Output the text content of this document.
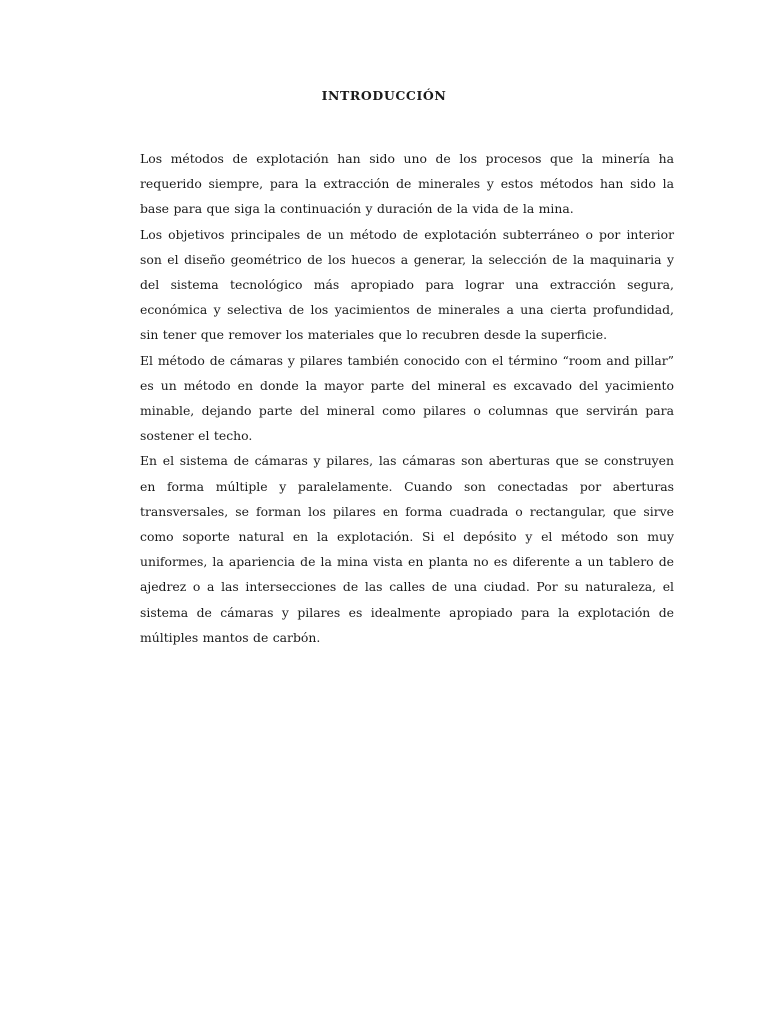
INTRODUCCIÓN

Los métodos de explotación han sido uno de los procesos que la minería ha requerido siempre, para la extracción de minerales y estos métodos han sido la base para que siga la continuación y duración de la vida de la mina.

Los objetivos principales de un método de explotación subterráneo o por interior son el diseño geométrico de los huecos a generar, la selección de la maquinaria y del sistema tecnológico más apropiado para lograr una extracción segura, económica y selectiva de los yacimientos de minerales a una cierta profundidad, sin tener que remover los materiales que lo recubren desde la superficie.

El método de cámaras y pilares también conocido con el término “room and pillar” es un método en donde la mayor parte del mineral es excavado del yacimiento minable, dejando parte del mineral como pilares o columnas que servirán para sostener el techo.

En el sistema de cámaras y pilares, las cámaras son aberturas que se construyen en forma múltiple y paralelamente. Cuando son conectadas por aberturas transversales, se forman los pilares en forma cuadrada o rectangular, que sirve como soporte natural en la explotación. Si el depósito y el método son muy uniformes, la apariencia de la mina vista en planta no es diferente a un tablero de ajedrez o a las intersecciones de las calles de una ciudad. Por su naturaleza, el sistema de cámaras y pilares es idealmente apropiado para la explotación de múltiples mantos de carbón.
